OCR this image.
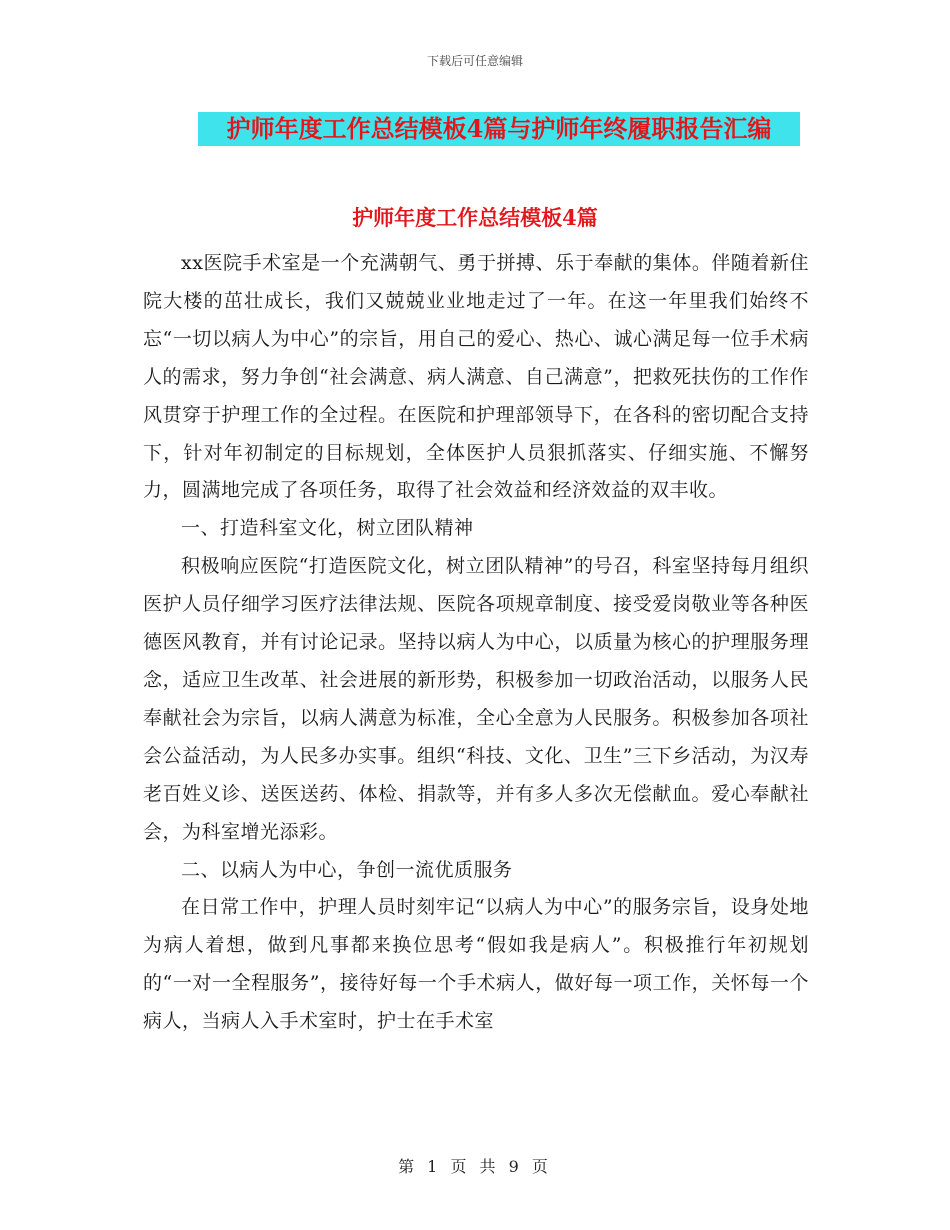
下载后可任意编辑
护师年度工作总结模板4篇与护师年终履职报告汇编
护师年度工作总结模板4篇

xx医院手术室是一个充满朝气、勇于拼搏、乐于奉献的集体。伴随着新住院大楼的茁壮成长，我们又兢兢业业地走过了一年。在这一年里我们始终不忘“一切以病人为中心”的宗旨，用自己的爱心、热心、诚心满足每一位手术病人的需求，努力争创“社会满意、病人满意、自己满意”，把救死扶伤的工作作风贯穿于护理工作的全过程。在医院和护理部领导下，在各科的密切配合支持下，针对年初制定的目标规划，全体医护人员狠抓落实、仔细实施、不懈努力，圆满地完成了各项任务，取得了社会效益和经济效益的双丰收。

一、打造科室文化，树立团队精神

积极响应医院“打造医院文化，树立团队精神”的号召，科室坚持每月组织医护人员仔细学习医疗法律法规、医院各项规章制度、接受爱岗敬业等各种医德医风教育，并有讨论记录。坚持以病人为中心，以质量为核心的护理服务理念，适应卫生改革、社会进展的新形势，积极参加一切政治活动，以服务人民奉献社会为宗旨，以病人满意为标准，全心全意为人民服务。积极参加各项社会公益活动，为人民多办实事。组织“科技、文化、卫生”三下乡活动，为汉寿老百姓义诊、送医送药、体检、捐款等，并有多人多次无偿献血。爱心奉献社会，为科室增光添彩。

二、以病人为中心，争创一流优质服务

在日常工作中，护理人员时刻牢记“以病人为中心”的服务宗旨，设身处地为病人着想，做到凡事都来换位思考“假如我是病人”。积极推行年初规划的“一对一全程服务”，接待好每一个手术病人，做好每一项工作，关怀每一个病人，当病人入手术室时，护士在手术室

第 1 页 共 9 页
